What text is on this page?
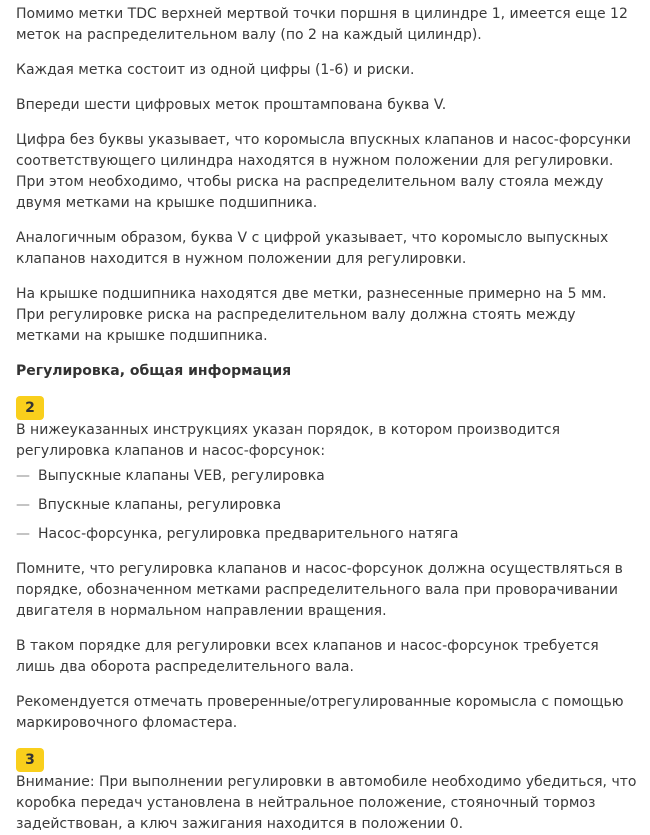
Помимо метки TDC верхней мертвой точки поршня в цилиндре 1, имеется еще 12 меток на распределительном валу (по 2 на каждый цилиндр).

Каждая метка состоит из одной цифры (1-6) и риски.

Впереди шести цифровых меток проштампована буква V.

Цифра без буквы указывает, что коромысла впускных клапанов и насос-форсунки соответствующего цилиндра находятся в нужном положении для регулировки. При этом необходимо, чтобы риска на распределительном валу стояла между двумя метками на крышке подшипника.

Аналогичным образом, буква V с цифрой указывает, что коромысло выпускных клапанов находится в нужном положении для регулировки.

На крышке подшипника находятся две метки, разнесенные примерно на 5 мм.
При регулировке риска на распределительном валу должна стоять между метками на крышке подшипника.

Регулировка, общая информация
2

В нижеуказанных инструкциях указан порядок, в котором производится регулировка клапанов и насос-форсунок:

— Выпускные клапаны VEB, регулировка
— Впускные клапаны, регулировка
— Насос-форсунка, регулировка предварительного натяга

Помните, что регулировка клапанов и насос-форсунок должна осуществляться в порядке, обозначенном метками распределительного вала при проворачивании двигателя в нормальном направлении вращения.

В таком порядке для регулировки всех клапанов и насос-форсунок требуется лишь два оборота распределительного вала.

Рекомендуется отмечать проверенные/отрегулированные коромысла с помощью маркировочного фломастера.

3

Внимание: При выполнении регулировки в автомобиле необходимо убедиться, что коробка передач установлена в нейтральное положение, стояночный тормоз задействован, а ключ зажигания находится в положении 0.
